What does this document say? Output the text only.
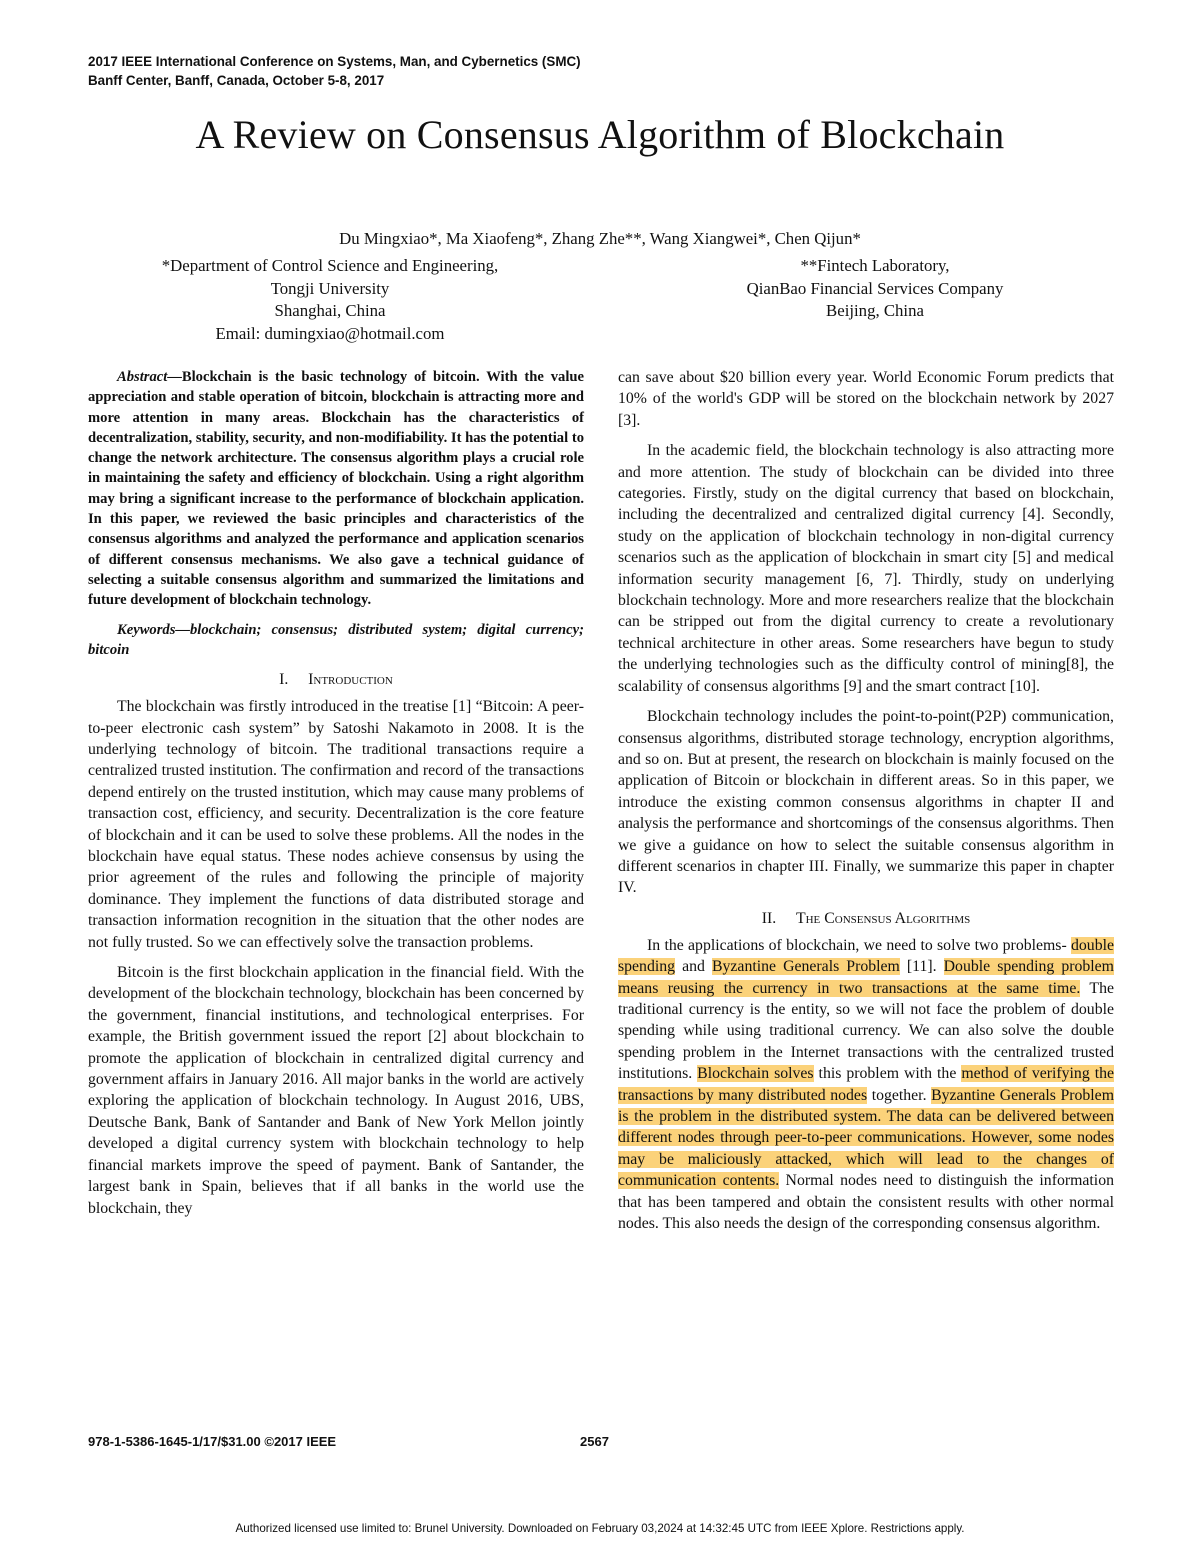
2017 IEEE International Conference on Systems, Man, and Cybernetics (SMC)
Banff Center, Banff, Canada, October 5-8, 2017
A Review on Consensus Algorithm of Blockchain
Du Mingxiao*, Ma Xiaofeng*, Zhang Zhe**, Wang Xiangwei*, Chen Qijun*
*Department of Control Science and Engineering,
Tongji University
Shanghai, China
Email: dumingxiao@hotmail.com
**Fintech Laboratory,
QianBao Financial Services Company
Beijing, China

Abstract—Blockchain is the basic technology of bitcoin. With the value appreciation and stable operation of bitcoin, blockchain is attracting more and more attention in many areas. Blockchain has the characteristics of decentralization, stability, security, and non-modifiability. It has the potential to change the network architecture. The consensus algorithm plays a crucial role in maintaining the safety and efficiency of blockchain. Using a right algorithm may bring a significant increase to the performance of blockchain application. In this paper, we reviewed the basic principles and characteristics of the consensus algorithms and analyzed the performance and application scenarios of different consensus mechanisms. We also gave a technical guidance of selecting a suitable consensus algorithm and summarized the limitations and future development of blockchain technology.

Keywords—blockchain; consensus; distributed system; digital currency; bitcoin

I. Introduction

The blockchain was firstly introduced in the treatise [1] “Bitcoin: A peer-to-peer electronic cash system” by Satoshi Nakamoto in 2008. It is the underlying technology of bitcoin. The traditional transactions require a centralized trusted institution. The confirmation and record of the transactions depend entirely on the trusted institution, which may cause many problems of transaction cost, efficiency, and security. Decentralization is the core feature of blockchain and it can be used to solve these problems. All the nodes in the blockchain have equal status. These nodes achieve consensus by using the prior agreement of the rules and following the principle of majority dominance. They implement the functions of data distributed storage and transaction information recognition in the situation that the other nodes are not fully trusted. So we can effectively solve the transaction problems.

Bitcoin is the first blockchain application in the financial field. With the development of the blockchain technology, blockchain has been concerned by the government, financial institutions, and technological enterprises. For example, the British government issued the report [2] about blockchain to promote the application of blockchain in centralized digital currency and government affairs in January 2016. All major banks in the world are actively exploring the application of blockchain technology. In August 2016, UBS, Deutsche Bank, Bank of Santander and Bank of New York Mellon jointly developed a digital currency system with blockchain technology to help financial markets improve the speed of payment. Bank of Santander, the largest bank in Spain, believes that if all banks in the world use the blockchain, they

can save about $20 billion every year. World Economic Forum predicts that 10% of the world's GDP will be stored on the blockchain network by 2027 [3].

In the academic field, the blockchain technology is also attracting more and more attention. The study of blockchain can be divided into three categories. Firstly, study on the digital currency that based on blockchain, including the decentralized and centralized digital currency [4]. Secondly, study on the application of blockchain technology in non-digital currency scenarios such as the application of blockchain in smart city [5] and medical information security management [6, 7]. Thirdly, study on underlying blockchain technology. More and more researchers realize that the blockchain can be stripped out from the digital currency to create a revolutionary technical architecture in other areas. Some researchers have begun to study the underlying technologies such as the difficulty control of mining[8], the scalability of consensus algorithms [9] and the smart contract [10].

Blockchain technology includes the point-to-point(P2P) communication, consensus algorithms, distributed storage technology, encryption algorithms, and so on. But at present, the research on blockchain is mainly focused on the application of Bitcoin or blockchain in different areas. So in this paper, we introduce the existing common consensus algorithms in chapter II and analysis the performance and shortcomings of the consensus algorithms. Then we give a guidance on how to select the suitable consensus algorithm in different scenarios in chapter III. Finally, we summarize this paper in chapter IV.

II. The Consensus Algorithms

In the applications of blockchain, we need to solve two problems- double spending and Byzantine Generals Problem [11]. Double spending problem means reusing the currency in two transactions at the same time. The traditional currency is the entity, so we will not face the problem of double spending while using traditional currency. We can also solve the double spending problem in the Internet transactions with the centralized trusted institutions. Blockchain solves this problem with the method of verifying the transactions by many distributed nodes together. Byzantine Generals Problem is the problem in the distributed system. The data can be delivered between different nodes through peer-to-peer communications. However, some nodes may be maliciously attacked, which will lead to the changes of communication contents. Normal nodes need to distinguish the information that has been tampered and obtain the consistent results with other normal nodes. This also needs the design of the corresponding consensus algorithm.

978-1-5386-1645-1/17/$31.00 ©2017 IEEE	2567
Authorized licensed use limited to: Brunel University. Downloaded on February 03,2024 at 14:32:45 UTC from IEEE Xplore. Restrictions apply.
